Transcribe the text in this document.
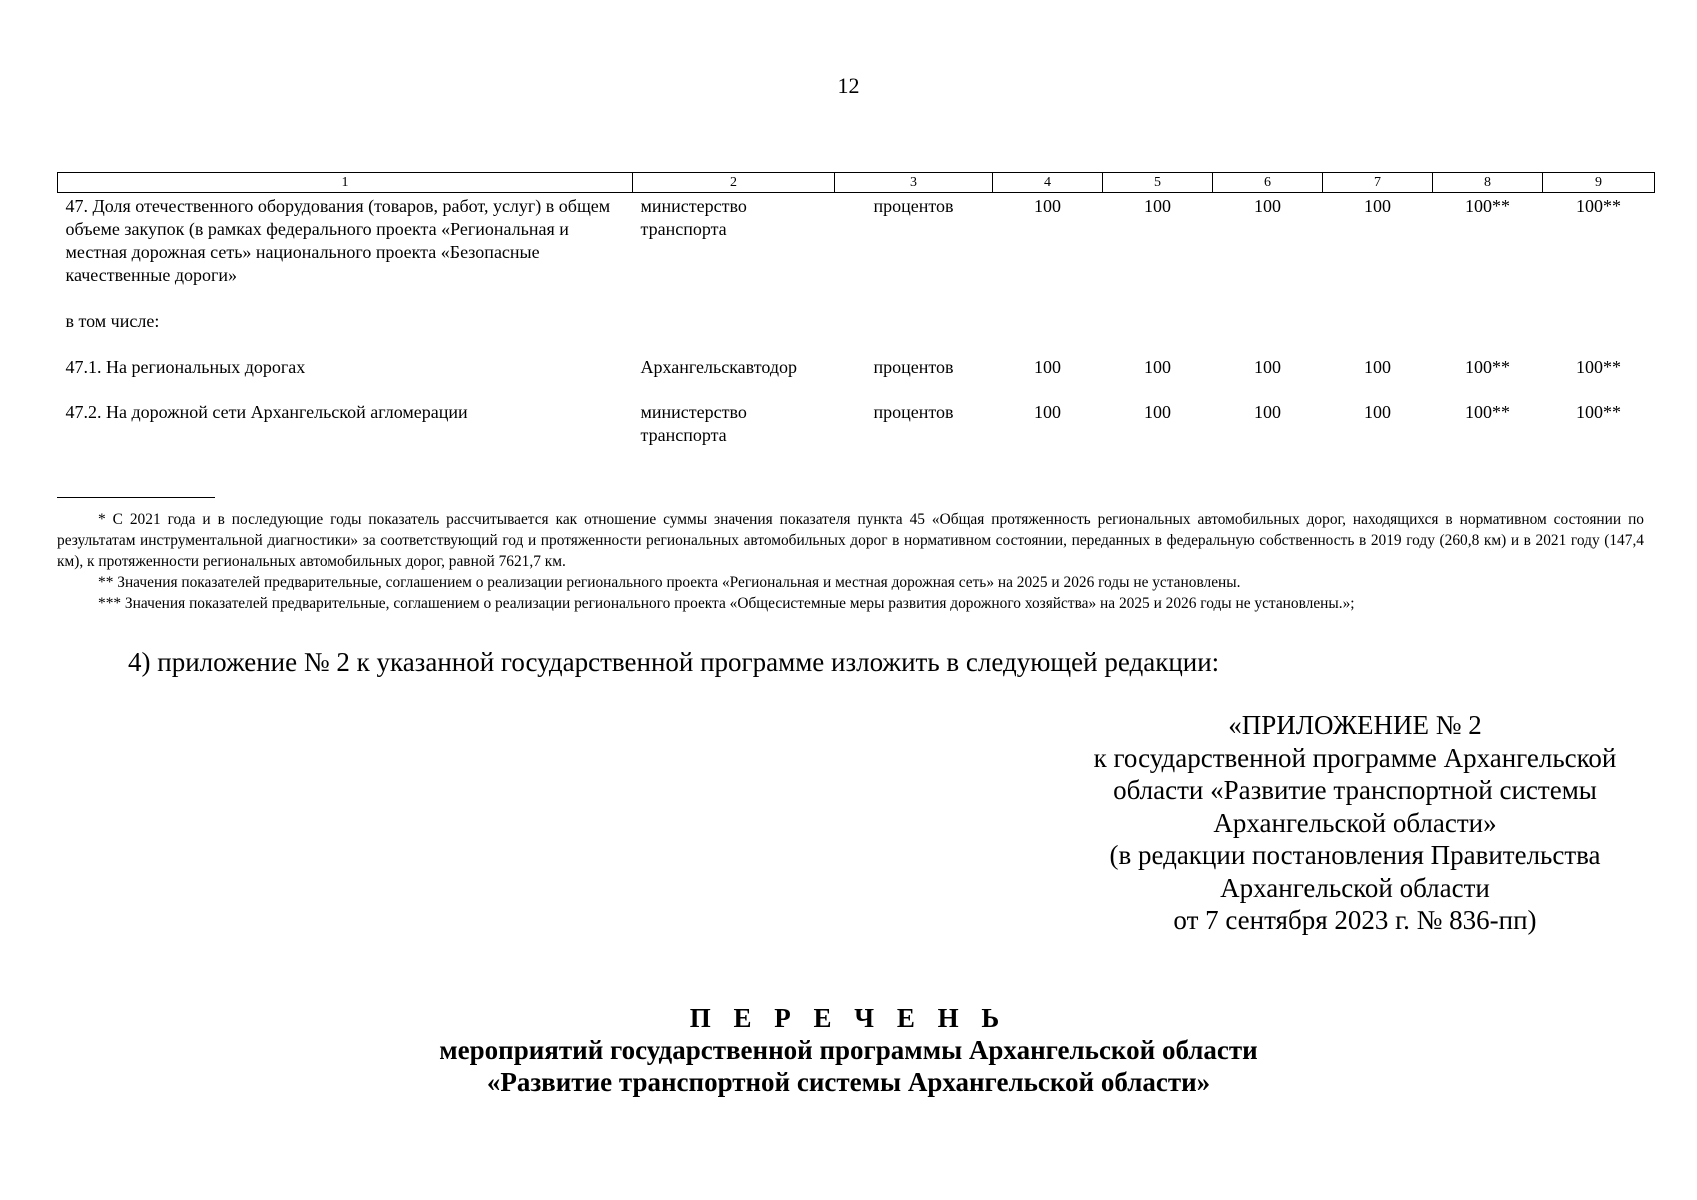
12
1	2	3	4	5	6	7	8	9
47. Доля отечественного оборудования (товаров, работ, услуг) в общем объеме закупок (в рамках федерального проекта «Региональная и местная дорожная сеть» национального проекта «Безопасные качественные дороги»	министерство транспорта	процентов	100	100	100	100	100**	100**
в том числе:								
47.1. На региональных дорогах	Архангельскавтодор	процентов	100	100	100	100	100**	100**
47.2. На дорожной сети Архангельской агломерации	министерство транспорта	процентов	100	100	100	100	100**	100**

* С 2021 года и в последующие годы показатель рассчитывается как отношение суммы значения показателя пункта 45 «Общая протяженность региональных автомобильных дорог, находящихся в нормативном состоянии по результатам инструментальной диагностики» за соответствующий год и протяженности региональных автомобильных дорог в нормативном состоянии, переданных в федеральную собственность в 2019 году (260,8 км) и в 2021 году (147,4 км), к протяженности региональных автомобильных дорог, равной 7621,7 км.

** Значения показателей предварительные, соглашением о реализации регионального проекта «Региональная и местная дорожная сеть» на 2025 и 2026 годы не установлены.

*** Значения показателей предварительные, соглашением о реализации регионального проекта «Общесистемные меры развития дорожного хозяйства» на 2025 и 2026 годы не установлены.»;

4) приложение № 2 к указанной государственной программе изложить в следующей редакции:
«ПРИЛОЖЕНИЕ № 2
к государственной программе Архангельской
области «Развитие транспортной системы
Архангельской области»
(в редакции постановления Правительства
Архангельской области
от 7 сентября 2023 г. № 836-пп)
П Е Р Е Ч Е Н Ь
мероприятий государственной программы Архангельской области
«Развитие транспортной системы Архангельской области»
